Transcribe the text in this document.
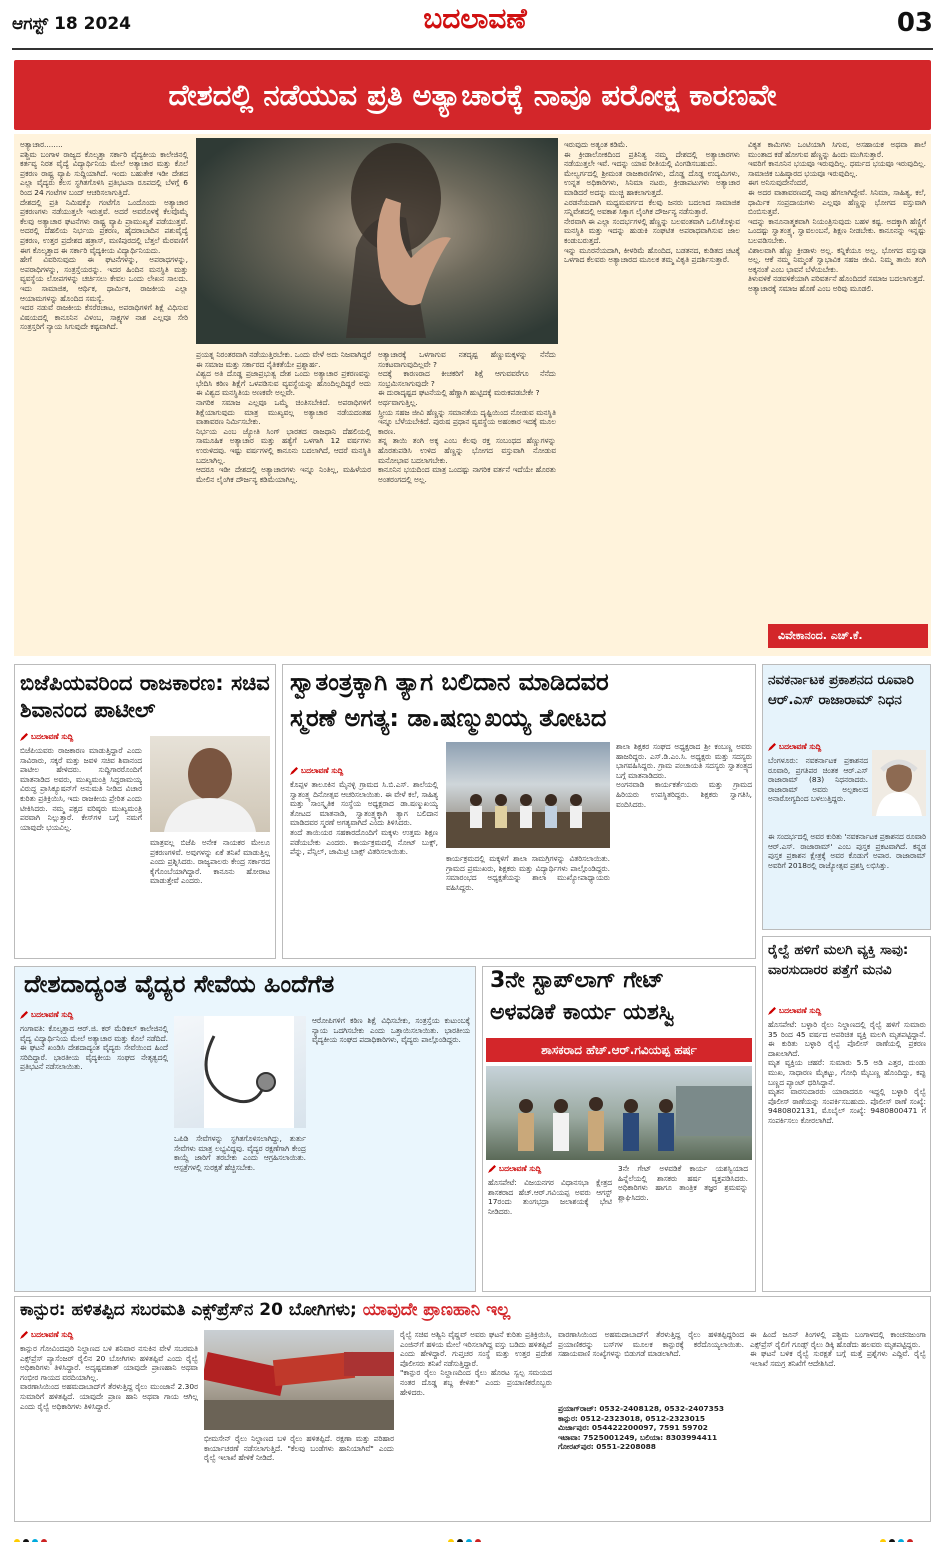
ಆಗಸ್ಟ್ 18 2024	ಬದಲಾವಣೆ	03
ದೇಶದಲ್ಲಿ ನಡೆಯುವ ಪ್ರತಿ ಅತ್ಯಾಚಾರಕ್ಕೆ ನಾವೂ ಪರೋಕ್ಷ ಕಾರಣವೇ
ಅತ್ಯಾಚಾರ........
ಪಶ್ಚಿಮ ಬಂಗಾಳ ರಾಜ್ಯದ ಕೊಲ್ಕತ್ತಾ ಸರ್ಕಾರಿ ವೈದ್ಯಕೀಯ ಕಾಲೇಜಿನಲ್ಲಿ ಕರ್ತವ್ಯ ನಿರತ ವೈದ್ಯೆ ವಿದ್ಯಾರ್ಥಿನಿಯ ಮೇಲೆ ಅತ್ಯಾಚಾರ ಮತ್ತು ಕೊಲೆ ಪ್ರಕರಣ ರಾಷ್ಟ್ರ ವ್ಯಾಪಿ ಸುದ್ದಿಯಾಗಿದೆ. ಇಂದು ಬಹುತೇಕ ಇಡೀ ದೇಶದ ಎಲ್ಲಾ ವೈದ್ಯರು ಕೆಲಸ ಸ್ಥಗಿತಗೊಳಿಸಿ ಪ್ರತಿಭಟನಾ ರೂಪದಲ್ಲಿ ಬೆಳಗ್ಗೆ 6 ರಿಂದ 24 ಗಂಟೆಗಳ ಬಂದ್ ಆಚರಿಸಲಾಗುತ್ತಿದೆ.
ದೇಶದಲ್ಲಿ ಪ್ರತಿ ನಿಮಿಷಕ್ಕೊ ಗಂಟೆಗೊ ಒಂದೊಂದು ಅತ್ಯಾಚಾರ ಪ್ರಕರಣಗಳು ನಡೆಯುತ್ತಲೇ ಇರುತ್ತವೆ. ಅದರೆ ಅವರೊಳಕ್ಕೆ ಕೆಲವೊಮ್ಮೆ ಕೆಲವು ಅತ್ಯಾಚಾರ ಘಟನೆಗಳು ರಾಷ್ಟ್ರ ವ್ಯಾಪಿ ಪ್ರಾಮುಖ್ಯತೆ ಪಡೆಯುತ್ತವೆ. ಅದರಲ್ಲಿ ದೆಹಲಿಯ ನಿರ್ಭಯ ಪ್ರಕರಣ, ಹೈದರಾಬಾದಿನ ಪಶುವೈದ್ಯೆ ಪ್ರಕರಣ, ಉತ್ತರ ಪ್ರದೇಶದ ಹತ್ರಾಸ್, ಮಣಿಪುರದಲ್ಲಿ ಬೆತ್ತಲೆ ಮೆರವಣಿಗೆ ಈಗ ಕೊಲ್ಕತ್ತಾದ ಈ ಸರ್ಕಾರಿ ವೈದ್ಯಕೀಯ ವಿದ್ಯಾರ್ಥಿನಿಯದು.
ಹೇಗೆ ವಿವರಿಸುವುದು ಈ ಘಟನೆಗಳನ್ನು, ಅಪರಾಧಗಳನ್ನು, ಅಪರಾಧಿಗಳನ್ನು, ಸಂತ್ರಸ್ತೆಯರನ್ನು. ಇದರ ಹಿಂದಿನ ಮನಸ್ಥಿತಿ ಮತ್ತು ವ್ಯವಸ್ಥೆಯ ಲೋಪಗಳನ್ನು ಚರ್ಚಿಸಲು ಕೇವಲ ಒಂದು ಲೇಖನ ಸಾಲದು. ಇದು ಸಾಮಾಜಿಕ, ಆರ್ಥಿಕ, ಧಾರ್ಮಿಕ, ರಾಜಕೀಯ ಎಲ್ಲಾ ಆಯಾಮಗಳನ್ನು ಹೊಂದಿದ ಸಮಸ್ಯೆ.
ಇದರ ನಡುವೆ ರಾಜಕೀಯ ಕೆಸರೆರಚಾಟ, ಅಪರಾಧಿಗಳಿಗೆ ಶಿಕ್ಷೆ ವಿಧಿಸುವ ವಿಷಯದಲ್ಲಿ ಕಾನೂನಿನ ವಿಳಂಬ, ಸಾಕ್ಷ್ಯಗಳ ನಾಶ ಎಲ್ಲವೂ ಸೇರಿ ಸಂತ್ರಸ್ತರಿಗೆ ನ್ಯಾಯ ಸಿಗುವುದೇ ಕಷ್ಟವಾಗಿದೆ.
ಪ್ರಯತ್ನ ನಿರಂತರವಾಗಿ ನಡೆಯುತ್ತಿರಬೇಕು. ಒಂದು ವೇಳೆ ಅದು ನಿಜವಾಗಿದ್ದರೆ ಈ ಸಮಾಜ ಮತ್ತು ಸರ್ಕಾರದ ನೈತಿಕತೆಯೇ ಪ್ರಶ್ನಾರ್ಹ.
ವಿಶ್ವದ ಅತಿ ದೊಡ್ಡ ಪ್ರಜಾಪ್ರಭುತ್ವ ದೇಶ ಒಂದು ಅತ್ಯಾಚಾರ ಪ್ರಕರಣವನ್ನು ಭೇದಿಸಿ ಕಠಿಣ ಶಿಕ್ಷೆಗೆ ಒಳಪಡಿಸುವ ವ್ಯವಸ್ಥೆಯನ್ನು ಹೊಂದಿಲ್ಲದಿದ್ದರೆ ಅದು ಈ ವಿಶ್ವದ ಮನಸ್ಥಿತಿಯ ಅಣಕವೇ ಅಲ್ಲವೇ.
ನಾಗರಿಕ ಸಮಾಜ ಎಲ್ಲವೂ ಒಮ್ಮೆ ಚಿಂತಿಸಬೇಕಿದೆ. ಅಪರಾಧಿಗಳಿಗೆ ಶಿಕ್ಷೆಯಾಗುವುದು ಮಾತ್ರ ಮುಖ್ಯವಲ್ಲ ಅತ್ಯಾಚಾರ ನಡೆಯದಂತಹ ವಾತಾವರಣ ನಿರ್ಮಿಸಬೇಕು.
ನಿರ್ಭಯ ಎಂಬ ಜ್ಯೋತಿ ಸಿಂಗ್ ಭಾರತದ ರಾಜಧಾನಿ ದೆಹಲಿಯಲ್ಲಿ ಸಾಮೂಹಿಕ ಅತ್ಯಾಚಾರ ಮತ್ತು ಹತ್ಯೆಗೆ ಒಳಗಾಗಿ 12 ವರ್ಷಗಳು ಉರುಳಿದವು. ಇಷ್ಟು ವರ್ಷಗಳಲ್ಲಿ ಕಾನೂನು ಬದಲಾಗಿದೆ, ಆದರೆ ಮನಸ್ಥಿತಿ ಬದಲಾಗಿಲ್ಲ.
ಆದರೂ ಇಡೀ ದೇಶದಲ್ಲಿ ಅತ್ಯಾಚಾರಗಳು ಇನ್ನೂ ನಿಂತಿಲ್ಲ, ಮಹಿಳೆಯರ ಮೇಲಿನ ಲೈಂಗಿಕ ದೌರ್ಜನ್ಯ ಕಡಿಮೆಯಾಗಿಲ್ಲ.
ಅತ್ಯಾಚಾರಕ್ಕೆ ಒಳಗಾಗುವ ನತದೃಷ್ಟ ಹೆಣ್ಣುಮಕ್ಕಳನ್ನು ನೆನೆದು ಸಂಕಟವಾಗುವುದಿಲ್ಲವೇ ?
ಅದಕ್ಕೆ ಕಾರಣರಾದ ಕೀಚಕರಿಗೆ ಶಿಕ್ಷೆ ಆಗುವವರೆಗೂ ನೆನೆದು ಸಂಭ್ರಮಿಸಲಾಗುವುದೇ ?
ಈ ದುರಾದೃಷ್ಟದ ಘಟನೆಯಲ್ಲಿ ಹೆಣ್ಣಾಗಿ ಹುಟ್ಟಿದಕ್ಕೆ ಮರುಕಪಡಬೇಕೇ ?
ಅರ್ಥವಾಗುತ್ತಿಲ್ಲ.
ಸ್ತ್ರೀಯ ಸಹಜ ಜೀವಿ ಹೆಣ್ಣನ್ನು ಸಮಾನತೆಯ ದೃಷ್ಟಿಯಿಂದ ನೋಡುವ ಮನಸ್ಥಿತಿ ಇನ್ನೂ ಬೆಳೆಯಬೇಕಿದೆ. ಪುರುಷ ಪ್ರಧಾನ ವ್ಯವಸ್ಥೆಯ ಅಹಂಕಾರ ಇದಕ್ಕೆ ಮೂಲ ಕಾರಣ.
ತನ್ನ ತಾಯಿ ತಂಗಿ ಅಕ್ಕ ಎಂಬ ಕೆಲವು ರಕ್ತ ಸಂಬಂಧದ ಹೆಣ್ಣುಗಳನ್ನು ಹೊರತುಪಡಿಸಿ ಉಳಿದ ಹೆಣ್ಣನ್ನು ಭೋಗದ ವಸ್ತುವಾಗಿ ನೋಡುವ ಮನೋಭಾವ ಬದಲಾಗಬೇಕು.
ಕಾನೂನಿನ ಭಯದಿಂದ ಮಾತ್ರ ಒಂದಷ್ಟು ನಾಗರಿಕ ವರ್ತನೆ ಇದೆಯೇ ಹೊರತು ಅಂತರಂಗದಲ್ಲಿ ಅಲ್ಲ.
ಇರುವುದು ಅತ್ಯಂತ ಕಡಿಮೆ.
ಈ ಕ್ರೀಡಾಲೋಕದಿಂದ ಪ್ರತಿನಿತ್ಯ ನಮ್ಮ ದೇಶದಲ್ಲಿ ಅತ್ಯಾಚಾರಗಳು ನಡೆಯುತ್ತಲೇ ಇವೆ. ಇದನ್ನು ಯಾವ ರೀತಿಯಲ್ಲಿ ವಿಂಗಡಿಸಬಹುದು.
ಮೇಲ್ವರ್ಗದಲ್ಲಿ ಶ್ರೀಮಂತ ರಾಜಕಾರಣಿಗಳು, ದೊಡ್ಡ ದೊಡ್ಡ ಉದ್ಯಮಿಗಳು, ಉನ್ನತ ಅಧಿಕಾರಿಗಳು, ಸಿನಿಮಾ ನಟರು, ಕ್ರೀಡಾಪಟುಗಳು ಅತ್ಯಾಚಾರ ಮಾಡಿದರೆ ಅದನ್ನು ಮುಚ್ಚಿ ಹಾಕಲಾಗುತ್ತದೆ.
ಎರಡನೆಯದಾಗಿ ಮಧ್ಯಮವರ್ಗದ ಕೆಲವು ಜನರು ಬದಲಾದ ಸಾಮಾಜಿಕ ಸನ್ನಿವೇಶದಲ್ಲಿ ಅವಕಾಶ ಸಿಕ್ಕಾಗ ಲೈಂಗಿಕ ದೌರ್ಜನ್ಯ ನಡೆಸುತ್ತಾರೆ.
ನೇರವಾಗಿ ಈ ಎಲ್ಲಾ ಸಂದರ್ಭಗಳಲ್ಲಿ ಹೆಣ್ಣನ್ನು ಬಲವಂತವಾಗಿ ಒಲಿಸಿಕೊಳ್ಳುವ ಮನಸ್ಥಿತಿ ಮತ್ತು ಇದನ್ನು ಹುಡುಕಿ ಸಂಘಟಿತ ಅಪರಾಧವಾಗಿಸುವ ಜಾಲ ಕಂಡುಬರುತ್ತದೆ.
ಇನ್ನು ಮೂರನೆಯದಾಗಿ, ಕೀಳರಿಮೆ ಹೊಂದಿದ, ಬಡತನದ, ಕುಡಿತದ ಚಟಕ್ಕೆ ಒಳಗಾದ ಕೆಲವರು ಅತ್ಯಾಚಾರದ ಮೂಲಕ ತಮ್ಮ ವಿಕೃತಿ ಪ್ರದರ್ಶಿಸುತ್ತಾರೆ.
ವಿಕೃತ ಕಾಮಿಗಳು ಒಂಟಿಯಾಗಿ ಸಿಗುವ, ಅಸಹಾಯಕ ಅಥವಾ ಶಾಲೆ ಮುಂತಾದ ಕಡೆ ಹೋಗುವ ಹೆಣ್ಣನ್ನು ಹಿಂದು ಮುಗಿಸುತ್ತಾರೆ.
ಇವರಿಗೆ ಕಾನೂನಿನ ಭಯವೂ ಇರುವುದಿಲ್ಲ. ಧರ್ಮದ ಭಯವೂ ಇರುವುದಿಲ್ಲ. ಸಾಮಾಜಿಕ ಬಹಿಷ್ಕಾರದ ಭಯವೂ ಇರುವುದಿಲ್ಲ.
ಈಗ ಅನಿಸುವುದೇನೆಂದರೆ,
ಈ ಅದರ ವಾತಾವರಣದಲ್ಲಿ ನಾವು ಹೆಗಲಾಗಿದ್ದೇವೆ. ಸಿನಿಮಾ, ಸಾಹಿತ್ಯ, ಕಲೆ, ಧಾರ್ಮಿಕ ಸಂಪ್ರದಾಯಗಳು ಎಲ್ಲವೂ ಹೆಣ್ಣನ್ನು ಭೋಗದ ವಸ್ತುವಾಗಿ ಬಿಂಬಿಸುತ್ತವೆ.
ಇದನ್ನು ಕಾನೂನಾತ್ಮಕವಾಗಿ ನಿಯಂತ್ರಿಸುವುದು ಬಹಳ ಕಷ್ಟ. ಅದಕ್ಕಾಗಿ ಹೆಣ್ಣಿಗೆ ಒಂದಷ್ಟು ಸ್ವಾತಂತ್ರ್ಯ, ಸ್ವಾವಲಂಬನೆ, ಶಿಕ್ಷಣ ನೀಡಬೇಕು. ಕಾನೂನನ್ನು ಇನ್ನಷ್ಟು ಬಲಪಡಿಸಬೇಕು.
ವಿಶಾಲವಾಗಿ ಹೆಣ್ಣು ಕ್ರೀಡಾಳು ಅಲ್ಲ. ಕನ್ನಿಕೆಯೂ ಅಲ್ಲ. ಭೋಗದ ವಸ್ತುವೂ ಅಲ್ಲ. ಆಕೆ ನಮ್ಮ ನಿಮ್ಮಂತೆ ಸ್ವಾಭಾವಿಕ ಸಹಜ ಜೀವಿ. ನಿಮ್ಮ ತಾಯಿ ತಂಗಿ ಅಕ್ಕನಂತೆ ಎಂಬ ಭಾವನೆ ಬೆಳೆಯಬೇಕು.
ತಿಳುವಳಿಕೆ ನಡವಳಿಕೆಯಾಗಿ ಪರಿವರ್ತನೆ ಹೊಂದಿದರೆ ಸಮಾಜ ಬದಲಾಗುತ್ತದೆ.
ಅತ್ಯಾಚಾರಕ್ಕೆ ಸಮಾಜ ಹೊಣೆ ಎಂಬ ಅರಿವು ಮೂಡಲಿ.
ವಿವೇಕಾನಂದ. ಎಚ್.ಕೆ.
ಬಿಜೆಪಿಯವರಿಂದ ರಾಜಕಾರಣ: ಸಚಿವ ಶಿವಾನಂದ ಪಾಟೀಲ್
ಬದಲಾವಣೆ ಸುದ್ದಿ
ಬಿಜೆಪಿಯವರು ರಾಜಕಾರಣ ಮಾಡುತ್ತಿದ್ದಾರೆ ಎಂದು ಸಾವಿರಾರು, ಸಕ್ಕರೆ ಮತ್ತು ಜವಳಿ ಸಚಿವ ಶಿವಾನಂದ ಪಾಟೀಲ ಹೇಳಿದರು. ಸುದ್ದಿಗಾರರೊಂದಿಗೆ ಮಾತನಾಡಿದ ಅವರು, ಮುಖ್ಯಮಂತ್ರಿ ಸಿದ್ದರಾಮಯ್ಯ ವಿರುದ್ಧ ಪ್ರಾಸಿಕ್ಯೂಷನ್‌ಗೆ ಅನುಮತಿ ನೀಡಿದ ವಿಚಾರ ಕುರಿತು ಪ್ರತಿಕ್ರಿಯಿಸಿ, ಇದು ರಾಜಕೀಯ ಪ್ರೇರಿತ ಎಂದು ಟೀಕಿಸಿದರು. ನಮ್ಮ ಪಕ್ಷದ ವರಿಷ್ಠರು ಮುಖ್ಯಮಂತ್ರಿ ಪರವಾಗಿ ನಿಲ್ಲುತ್ತಾರೆ. ಕೇಸ್‌ಗಳ ಬಗ್ಗೆ ನಮಗೆ ಯಾವುದೇ ಭಯವಿಲ್ಲ.
ಮಾತ್ರವಲ್ಲ ಬಿಜೆಪಿ ಅನೇಕ ನಾಯಕರ ಮೇಲೂ ಪ್ರಕರಣಗಳಿವೆ. ಅವುಗಳನ್ನು ಏಕೆ ತನಿಖೆ ಮಾಡುತ್ತಿಲ್ಲ ಎಂದು ಪ್ರಶ್ನಿಸಿದರು. ರಾಜ್ಯಪಾಲರು ಕೇಂದ್ರ ಸರ್ಕಾರದ ಕೈಗೊಂಬೆಯಾಗಿದ್ದಾರೆ. ಕಾನೂನು ಹೋರಾಟ ಮಾಡುತ್ತೇವೆ ಎಂದರು.
ಸ್ವಾತಂತ್ರಕ್ಕಾಗಿ ತ್ಯಾಗ ಬಲಿದಾನ ಮಾಡಿದವರ
ಸ್ಮರಣೆ ಅಗತ್ಯ: ಡಾ.ಷಣ್ಮುಖಯ್ಯ ತೋಟದ
ಬದಲಾವಣೆ ಸುದ್ದಿ
ಕೊಪ್ಪಳ ತಾಲೂಕಿನ ಮೈನಳ್ಳಿ ಗ್ರಾಮದ ಸಿ.ಬಿ.ಎಸ್. ಶಾಲೆಯಲ್ಲಿ ಸ್ವಾತಂತ್ರ್ಯ ದಿನೋತ್ಸವ ಆಚರಿಸಲಾಯಿತು. ಈ ವೇಳೆ ಕಲೆ, ಸಾಹಿತ್ಯ ಮತ್ತು ಸಾಂಸ್ಕೃತಿಕ ಸಂಸ್ಥೆಯ ಅಧ್ಯಕ್ಷರಾದ ಡಾ.ಷಣ್ಮುಖಯ್ಯ ತೋಟದ ಮಾತನಾಡಿ, ಸ್ವಾತಂತ್ರ್ಯಕ್ಕಾಗಿ ತ್ಯಾಗ ಬಲಿದಾನ ಮಾಡಿದವರ ಸ್ಮರಣೆ ಅಗತ್ಯವಾಗಿದೆ ಎಂದು ತಿಳಿಸಿದರು.
ತಂದೆ ತಾಯಿಯರ ಸಹಕಾರದೊಂದಿಗೆ ಮಕ್ಕಳು ಉತ್ತಮ ಶಿಕ್ಷಣ ಪಡೆಯಬೇಕು ಎಂದರು. ಕಾರ್ಯಕ್ರಮದಲ್ಲಿ ನೋಟ್ ಬುಕ್ಸ್, ಪೆನ್ನು, ಪೆನ್ಸಿಲ್, ಜಾಮಿಟ್ರಿ ಬಾಕ್ಸ್ ವಿತರಿಸಲಾಯಿತು.
ಕಾರ್ಯಕ್ರಮದಲ್ಲಿ ಮಕ್ಕಳಿಗೆ ಶಾಲಾ ಸಾಮಗ್ರಿಗಳನ್ನು ವಿತರಿಸಲಾಯಿತು. ಗ್ರಾಮದ ಪ್ರಮುಖರು, ಶಿಕ್ಷಕರು ಮತ್ತು ವಿದ್ಯಾರ್ಥಿಗಳು ಪಾಲ್ಗೊಂಡಿದ್ದರು. ಸಮಾರಂಭದ ಅಧ್ಯಕ್ಷತೆಯನ್ನು ಶಾಲಾ ಮುಖ್ಯೋಪಾಧ್ಯಾಯರು ವಹಿಸಿದ್ದರು.
ಶಾಲಾ ಶಿಕ್ಷಕರ ಸಂಘದ ಅಧ್ಯಕ್ಷರಾದ ಶ್ರೀ ಕಂಬಣ್ಣ ಅವರು ಹಾಜರಿದ್ದರು. ಎಸ್.ಡಿ.ಎಂ.ಸಿ. ಅಧ್ಯಕ್ಷರು ಮತ್ತು ಸದಸ್ಯರು ಭಾಗವಹಿಸಿದ್ದರು. ಗ್ರಾಮ ಪಂಚಾಯತಿ ಸದಸ್ಯರು ಸ್ವಾತಂತ್ರ್ಯದ ಬಗ್ಗೆ ಮಾತನಾಡಿದರು.
ಅಂಗನವಾಡಿ ಕಾರ್ಯಕರ್ತೆಯರು ಮತ್ತು ಗ್ರಾಮದ ಹಿರಿಯರು ಉಪಸ್ಥಿತರಿದ್ದರು. ಶಿಕ್ಷಕರು ಸ್ವಾಗತಿಸಿ, ವಂದಿಸಿದರು.
ನವಕರ್ನಾಟಕ ಪ್ರಕಾಶನದ ರೂವಾರಿ ಆರ್.ಎಸ್ ರಾಜಾರಾಮ್ ನಿಧನ
ಬದಲಾವಣೆ ಸುದ್ದಿ
ಬೆಂಗಳೂರು: ನವಕರ್ನಾಟಕ ಪ್ರಕಾಶನದ ರೂವಾರಿ, ಪ್ರಗತಿಪರ ಚಿಂತಕ ಆರ್.ಎಸ್ ರಾಜಾರಾಮ್ (83) ನಿಧನರಾದರು. ರಾಜಾರಾಮ್ ಅವರು ಅಲ್ಪಕಾಲದ ಅನಾರೋಗ್ಯದಿಂದ ಬಳಲುತ್ತಿದ್ದರು.
ಈ ಸಂದರ್ಭದಲ್ಲಿ ಅವರ ಕುರಿತು 'ನವಕರ್ನಾಟಕ ಪ್ರಕಾಶನದ ರೂವಾರಿ ಆರ್.ಎಸ್. ರಾಜಾರಾಮ್' ಎಂಬ ಪುಸ್ತಕ ಪ್ರಕಟವಾಗಿದೆ. ಕನ್ನಡ ಪುಸ್ತಕ ಪ್ರಕಾಶನ ಕ್ಷೇತ್ರಕ್ಕೆ ಅವರ ಕೊಡುಗೆ ಅಪಾರ. ರಾಜಾರಾಮ್ ಅವರಿಗೆ 2018ರಲ್ಲಿ ರಾಜ್ಯೋತ್ಸವ ಪ್ರಶಸ್ತಿ ಲಭಿಸಿತ್ತು.
ದೇಶದಾದ್ಯಂತ ವೈದ್ಯರ ಸೇವೆಯ ಹಿಂದೆಗೆತ
ಬದಲಾವಣೆ ಸುದ್ದಿ
ಗಂಗಾವತಿ: ಕೊಲ್ಕತ್ತಾದ ಆರ್.ಜಿ. ಕರ್ ಮೆಡಿಕಲ್ ಕಾಲೇಜಿನಲ್ಲಿ ವೈದ್ಯ ವಿದ್ಯಾರ್ಥಿನಿಯ ಮೇಲೆ ಅತ್ಯಾಚಾರ ಮತ್ತು ಕೊಲೆ ನಡೆದಿದೆ. ಈ ಘಟನೆ ಖಂಡಿಸಿ ದೇಶದಾದ್ಯಂತ ವೈದ್ಯರು ಸೇವೆಯಿಂದ ಹಿಂದೆ ಸರಿದಿದ್ದಾರೆ. ಭಾರತೀಯ ವೈದ್ಯಕೀಯ ಸಂಘದ ನೇತೃತ್ವದಲ್ಲಿ ಪ್ರತಿಭಟನೆ ನಡೆಸಲಾಯಿತು.
ಒಪಿಡಿ ಸೇವೆಗಳನ್ನು ಸ್ಥಗಿತಗೊಳಿಸಲಾಗಿದ್ದು, ತುರ್ತು ಸೇವೆಗಳು ಮಾತ್ರ ಲಭ್ಯವಿದ್ದವು. ವೈದ್ಯರ ರಕ್ಷಣೆಗಾಗಿ ಕೇಂದ್ರ ಕಾಯ್ದೆ ಜಾರಿಗೆ ತರಬೇಕು ಎಂದು ಆಗ್ರಹಿಸಲಾಯಿತು. ಆಸ್ಪತ್ರೆಗಳಲ್ಲಿ ಸುರಕ್ಷತೆ ಹೆಚ್ಚಿಸಬೇಕು.
ಆರೋಪಿಗಳಿಗೆ ಕಠಿಣ ಶಿಕ್ಷೆ ವಿಧಿಸಬೇಕು, ಸಂತ್ರಸ್ತೆಯ ಕುಟುಂಬಕ್ಕೆ ನ್ಯಾಯ ಒದಗಿಸಬೇಕು ಎಂದು ಒತ್ತಾಯಿಸಲಾಯಿತು. ಭಾರತೀಯ ವೈದ್ಯಕೀಯ ಸಂಘದ ಪದಾಧಿಕಾರಿಗಳು, ವೈದ್ಯರು ಪಾಲ್ಗೊಂಡಿದ್ದರು.
3ನೇ ಸ್ಟಾಪ್‌ಲಾಗ್ ಗೇಟ್
ಅಳವಡಿಕೆ ಕಾರ್ಯ ಯಶಸ್ವಿ
ಶಾಸಕರಾದ ಹೆಚ್.ಆರ್.ಗವಿಯಪ್ಪ ಹರ್ಷ
ಬದಲಾವಣೆ ಸುದ್ದಿ
ಹೊಸಪೇಟೆ: ವಿಜಯನಗರ ವಿಧಾನಸಭಾ ಕ್ಷೇತ್ರದ ಶಾಸಕರಾದ ಹೆಚ್.ಆರ್.ಗವಿಯಪ್ಪ ಅವರು ಆಗಸ್ಟ್ 17ರಂದು ತುಂಗಭದ್ರಾ ಜಲಾಶಯಕ್ಕೆ ಭೇಟಿ ನೀಡಿದರು.
3ನೇ ಗೇಟ್ ಅಳವಡಿಕೆ ಕಾರ್ಯ ಯಶಸ್ವಿಯಾದ ಹಿನ್ನೆಲೆಯಲ್ಲಿ ಶಾಸಕರು ಹರ್ಷ ವ್ಯಕ್ತಪಡಿಸಿದರು. ಅಧಿಕಾರಿಗಳು ಹಾಗೂ ತಾಂತ್ರಿಕ ತಜ್ಞರ ಶ್ರಮವನ್ನು ಶ್ಲಾಘಿಸಿದರು.
ರೈಲ್ವೆ ಹಳಿಗೆ ಮಲಗಿ ವ್ಯಕ್ತಿ ಸಾವು: ವಾರಸುದಾರರ ಪತ್ತೆಗೆ ಮನವಿ
ಬದಲಾವಣೆ ಸುದ್ದಿ
ಹೊಸಪೇಟೆ: ಬಳ್ಳಾರಿ ರೈಲು ನಿಲ್ದಾಣದಲ್ಲಿ ರೈಲ್ವೆ ಹಳಿಗೆ ಸುಮಾರು 35 ರಿಂದ 45 ವರ್ಷದ ಅಪರಿಚಿತ ವ್ಯಕ್ತಿ ಮಲಗಿ ಮೃತಪಟ್ಟಿದ್ದಾನೆ. ಈ ಕುರಿತು ಬಳ್ಳಾರಿ ರೈಲ್ವೆ ಪೊಲೀಸ್ ಠಾಣೆಯಲ್ಲಿ ಪ್ರಕರಣ ದಾಖಲಾಗಿದೆ.
ಮೃತ ವ್ಯಕ್ತಿಯ ಚಹರೆ: ಸುಮಾರು 5.5 ಅಡಿ ಎತ್ತರ, ದುಂಡು ಮುಖ, ಸಾಧಾರಣ ಮೈಕಟ್ಟು, ಗೋಧಿ ಮೈಬಣ್ಣ ಹೊಂದಿದ್ದು, ಕಪ್ಪು ಬಣ್ಣದ ಪ್ಯಾಂಟ್ ಧರಿಸಿದ್ದಾನೆ.
ಮೃತನ ವಾರಸುದಾರರು ಯಾರಾದರೂ ಇದ್ದಲ್ಲಿ ಬಳ್ಳಾರಿ ರೈಲ್ವೆ ಪೊಲೀಸ್ ಠಾಣೆಯನ್ನು ಸಂಪರ್ಕಿಸಬಹುದು. ಪೊಲೀಸ್ ಠಾಣೆ ಸಂಖ್ಯೆ: 9480802131, ಮೊಬೈಲ್ ಸಂಖ್ಯೆ: 9480800471 ಗೆ ಸಂಪರ್ಕಿಸಲು ಕೋರಲಾಗಿದೆ.
ಕಾನ್ಪುರ: ಹಳಿತಪ್ಪಿದ ಸಬರಮತಿ ಎಕ್ಸ್‌ಪ್ರೆಸ್‌ನ 20 ಬೋಗಿಗಳು; ಯಾವುದೇ ಪ್ರಾಣಹಾನಿ ಇಲ್ಲ
ಬದಲಾವಣೆ ಸುದ್ದಿ
ಕಾನ್ಪುರ ಗೋವಿಂದಪುರಿ ನಿಲ್ದಾಣದ ಬಳಿ ಶನಿವಾರ ನಸುಕಿನ ವೇಳೆ ಸಬರಮತಿ ಎಕ್ಸ್‌ಪ್ರೆಸ್ ಪ್ಯಾಸೆಂಜರ್ ರೈಲಿನ 20 ಬೋಗಿಗಳು ಹಳಿತಪ್ಪಿವೆ ಎಂದು ರೈಲ್ವೆ ಅಧಿಕಾರಿಗಳು ತಿಳಿಸಿದ್ದಾರೆ. ಅದೃಷ್ಟವಶಾತ್ ಯಾವುದೇ ಪ್ರಾಣಹಾನಿ ಅಥವಾ ಗಂಭೀರ ಗಾಯದ ವರದಿಯಾಗಿಲ್ಲ.
ವಾರಣಾಸಿಯಿಂದ ಅಹಮದಾಬಾದ್‌ಗೆ ತೆರಳುತ್ತಿದ್ದ ರೈಲು ಮುಂಜಾನೆ 2.30ರ ಸುಮಾರಿಗೆ ಹಳಿತಪ್ಪಿದೆ. ಯಾವುದೇ ಪ್ರಾಣ ಹಾನಿ ಅಥವಾ ಗಾಯ ಆಗಿಲ್ಲ ಎಂದು ರೈಲ್ವೆ ಅಧಿಕಾರಿಗಳು ತಿಳಿಸಿದ್ದಾರೆ.
ಭೀಮಸೇನ್ ರೈಲು ನಿಲ್ದಾಣದ ಬಳಿ ರೈಲು ಹಳಿತಪ್ಪಿದೆ. ರಕ್ಷಣಾ ಮತ್ತು ಪರಿಹಾರ ಕಾರ್ಯಾಚರಣೆ ನಡೆಸಲಾಗುತ್ತಿದೆ. "ಕೆಲವು ಬಂಡೆಗಳು ಹಾನಿಯಾಗಿವೆ" ಎಂದು ರೈಲ್ವೆ ಇಲಾಖೆ ಹೇಳಿಕೆ ನೀಡಿದೆ.
ರೈಲ್ವೆ ಸಚಿವ ಅಶ್ವಿನಿ ವೈಷ್ಣವ್ ಅವರು ಘಟನೆ ಕುರಿತು ಪ್ರತಿಕ್ರಿಯಿಸಿ, ಎಂಜಿನ್‌ಗೆ ಹಳಿಯ ಮೇಲೆ ಇರಿಸಲಾಗಿದ್ದ ವಸ್ತು ಬಡಿದು ಹಳಿತಪ್ಪಿದೆ ಎಂದು ಹೇಳಿದ್ದಾರೆ. ಗುಪ್ತಚರ ಸಂಸ್ಥೆ ಮತ್ತು ಉತ್ತರ ಪ್ರದೇಶ ಪೊಲೀಸರು ತನಿಖೆ ನಡೆಸುತ್ತಿದ್ದಾರೆ.
"ಕಾನ್ಪುರ ರೈಲು ನಿಲ್ದಾಣದಿಂದ ರೈಲು ಹೊರಟ ಸ್ವಲ್ಪ ಸಮಯದ ನಂತರ ದೊಡ್ಡ ಶಬ್ದ ಕೇಳಿತು" ಎಂದು ಪ್ರಯಾಣಿಕರೊಬ್ಬರು ಹೇಳಿದರು.
ವಾರಣಾಸಿಯಿಂದ ಅಹಮದಾಬಾದ್‌ಗೆ ತೆರಳುತ್ತಿದ್ದ ರೈಲು ಹಳಿತಪ್ಪಿದ್ದರಿಂದ ಪ್ರಯಾಣಿಕರನ್ನು ಬಸ್‌ಗಳ ಮೂಲಕ ಕಾನ್ಪುರಕ್ಕೆ ಕರೆದೊಯ್ಯಲಾಯಿತು. ಸಹಾಯವಾಣಿ ಸಂಖ್ಯೆಗಳನ್ನು ಬಿಡುಗಡೆ ಮಾಡಲಾಗಿದೆ.
ಪ್ರಯಾಗ್‌ರಾಜ್: 0532-2408128, 0532-2407353
ಕಾನ್ಪುರ: 0512-2323018, 0512-2323015
ಮಿರ್ಜಾಪುರ: 054422200097, 7591 59702
ಇಟಾವಾ: 7525001249, ಬಲಿಯಾ: 8303994411
ಗೋರಖ್‌ಪುರ: 0551-2208088
ಈ ಹಿಂದೆ ಜೂನ್ ತಿಂಗಳಲ್ಲಿ ಪಶ್ಚಿಮ ಬಂಗಾಳದಲ್ಲಿ ಕಾಂಚನಜುಂಗಾ ಎಕ್ಸ್‌ಪ್ರೆಸ್ ರೈಲಿಗೆ ಗೂಡ್ಸ್ ರೈಲು ಡಿಕ್ಕಿ ಹೊಡೆದು ಹಲವರು ಮೃತಪಟ್ಟಿದ್ದರು.
ಈ ಘಟನೆ ಬಳಿಕ ರೈಲ್ವೆ ಸುರಕ್ಷತೆ ಬಗ್ಗೆ ಮತ್ತೆ ಪ್ರಶ್ನೆಗಳು ಎದ್ದಿವೆ. ರೈಲ್ವೆ ಇಲಾಖೆ ಸಮಗ್ರ ತನಿಖೆಗೆ ಆದೇಶಿಸಿದೆ.
